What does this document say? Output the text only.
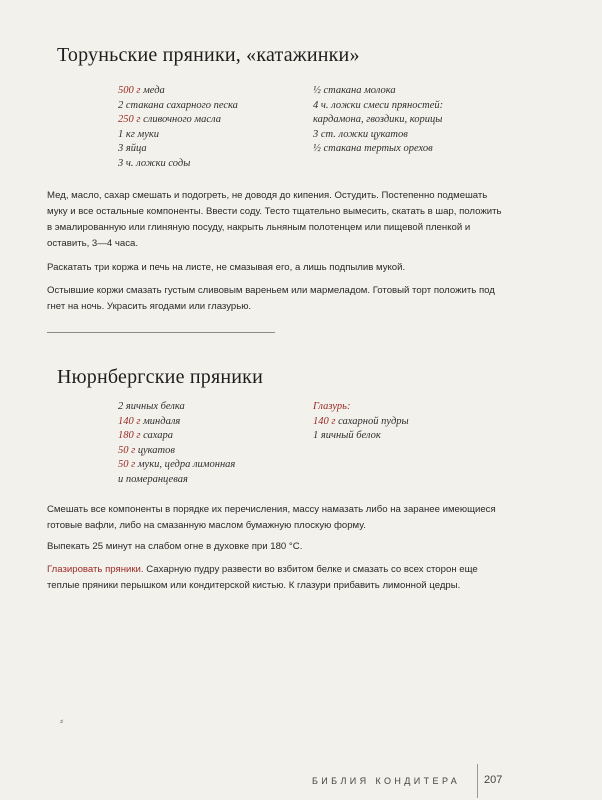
Торуньские пряники, «катажинки»
500 г меда
2 стакана сахарного песка
250 г сливочного масла
1 кг муки
3 яйца
3 ч. ложки соды
½ стакана молока
4 ч. ложки смеси пряностей:
кардамона, гвоздики, корицы
3 ст. ложки цукатов
½ стакана тертых орехов
Мед, масло, сахар смешать и подогреть, не доводя до кипения. Остудить. Постепенно подмешать муку и все остальные компоненты. Ввести соду. Тесто тщательно вымесить, скатать в шар, положить в эмалированную или глиняную посуду, накрыть льняным полотенцем или пищевой пленкой и оставить, 3—4 часа.
Раскатать три коржа и печь на листе, не смазывая его, а лишь подпылив мукой.
Остывшие коржи смазать густым сливовым вареньем или мармеладом. Готовый торт положить под гнет на ночь. Украсить ягодами или глазурью.
Нюрнбергские пряники
2 яичных белка
140 г миндаля
180 г сахара
50 г цукатов
50 г муки, цедра лимонная
и померанцевая
Глазурь:
140 г сахарной пудры
1 яичный белок
Смешать все компоненты в порядке их перечисления, массу намазать либо на заранее имеющиеся готовые вафли, либо на смазанную маслом бумажную плоскую форму.
Выпекать 25 минут на слабом огне в духовке при 180 °С.
Глазировать пряники. Сахарную пудру развести во взбитом белке и смазать со всех сторон еще теплые пряники перышком или кондитерской кистью. К глазури прибавить лимонной цедры.
⸗
БИБЛИЯ КОНДИТЕРА 207
